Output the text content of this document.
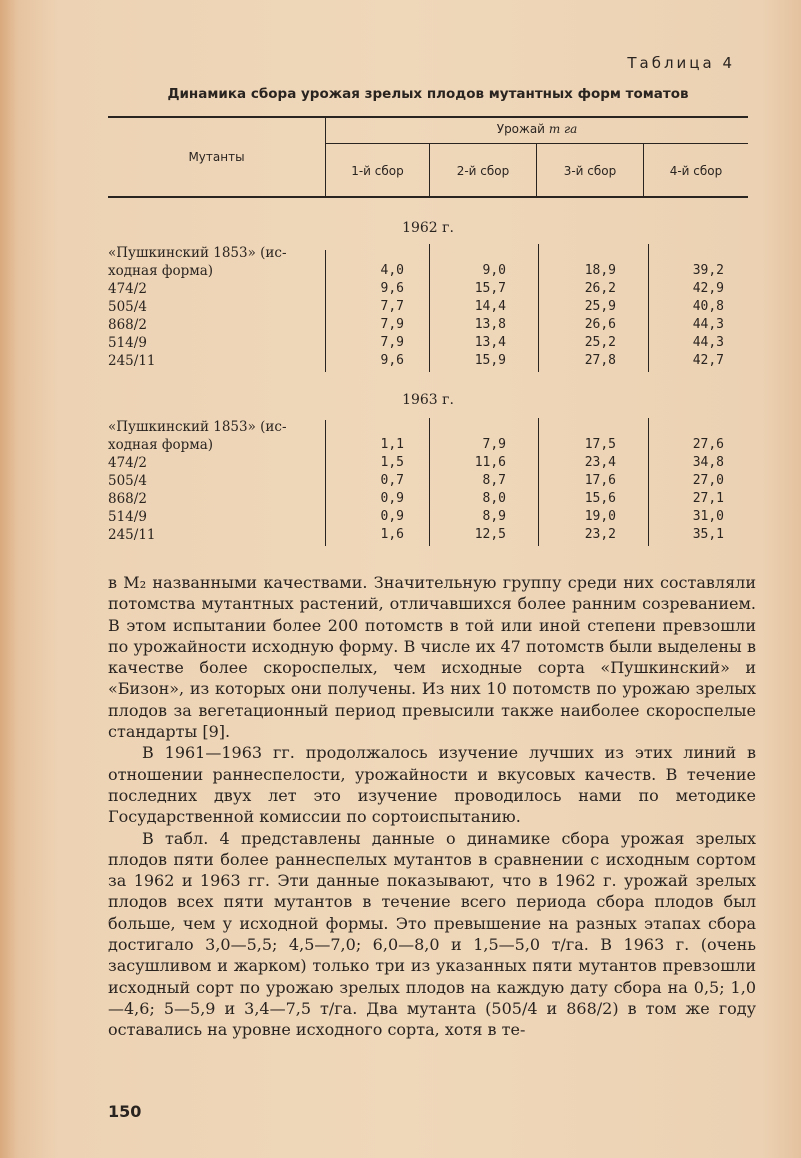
Таблица 4
Динамика сбора урожая зрелых плодов мутантных форм томатов
Мутанты
Урожай т га
1-й сбор	2-й сбор	3-й сбор	4-й сбор
1962 г.
«Пушкинский 1853» (ис-
ходная форма)	4,0	9,0	18,9	39,2
474/2	9,6	15,7	26,2	42,9
505/4	7,7	14,4	25,9	40,8
868/2	7,9	13,8	26,6	44,3
514/9	7,9	13,4	25,2	44,3
245/11	9,6	15,9	27,8	42,7
1963 г.
«Пушкинский 1853» (ис-
ходная форма)	1,1	7,9	17,5	27,6
474/2	1,5	11,6	23,4	34,8
505/4	0,7	8,7	17,6	27,0
868/2	0,9	8,0	15,6	27,1
514/9	0,9	8,9	19,0	31,0
245/11	1,6	12,5	23,2	35,1

в M₂ названными качествами. Значительную группу среди них составляли потомства мутантных растений, отличавшихся более ранним созреванием. В этом испытании более 200 потомств в той или иной степени превзошли по урожайности исходную форму. В числе их 47 потомств были выделены в качестве более скороспелых, чем исходные сорта «Пушкинский» и «Бизон», из которых они получены. Из них 10 потомств по урожаю зрелых плодов за вегетационный период превысили также наиболее скороспелые стандарты [9].

В 1961—1963 гг. продолжалось изучение лучших из этих линий в отношении раннеспелости, урожайности и вкусовых качеств. В течение последних двух лет это изучение проводилось нами по методике Государственной комиссии по сортоиспытанию.

В табл. 4 представлены данные о динамике сбора урожая зрелых плодов пяти более раннеспелых мутантов в сравнении с исходным сортом за 1962 и 1963 гг. Эти данные показывают, что в 1962 г. урожай зрелых плодов всех пяти мутантов в течение всего периода сбора плодов был больше, чем у исходной формы. Это превышение на разных этапах сбора достигало 3,0—5,5; 4,5—7,0; 6,0—8,0 и 1,5—5,0 т/га. В 1963 г. (очень засушливом и жарком) только три из указанных пяти мутантов превзошли исходный сорт по урожаю зрелых плодов на каждую дату сбора на 0,5; 1,0—4,6; 5—5,9 и 3,4—7,5 т/га. Два мутанта (505/4 и 868/2) в том же году оставались на уровне исходного сорта, хотя в те-

150
